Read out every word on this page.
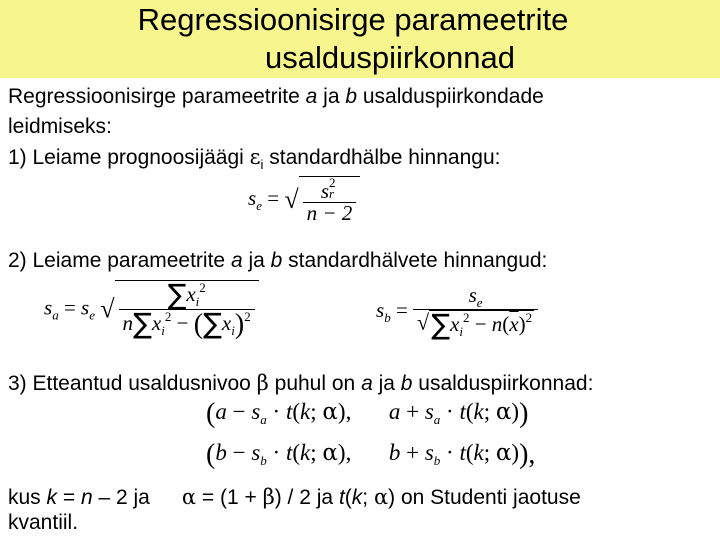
Regressioonisirge parameetrite
usalduspiirkonnad
Regressioonisirge parameetrite a ja b usalduspiirkondade
leidmiseks:
1) Leiame prognoosijäägi $\varepsilon_i$ standardhälbe hinnangu:
$s_e$ = √ s 2
r
n − 2
2) Leiame parameetrite a ja b standardhälvete hinnangud:
$s_a = s_e$ √ $\frac{\sum x_i^2}{n\sum x_i^2 - (\sum x_i)^2}$	$s_b = \frac{s_e}{√\sum x_i^2 - n(\overline{x})^2}$
3) Etteantud usaldusnivoo β puhul on a ja b usalduspiirkonnad:
($a - s_a \cdot t(k$; α), $a + s_a \cdot t(k$; α))
($b - s_b \cdot t(k$; α), $b + s_b \cdot t(k$; α)),
kus k = n – 2 ja α = (1 + β) / 2 ja t(k; α) on Studenti jaotuse
kvantiil.
